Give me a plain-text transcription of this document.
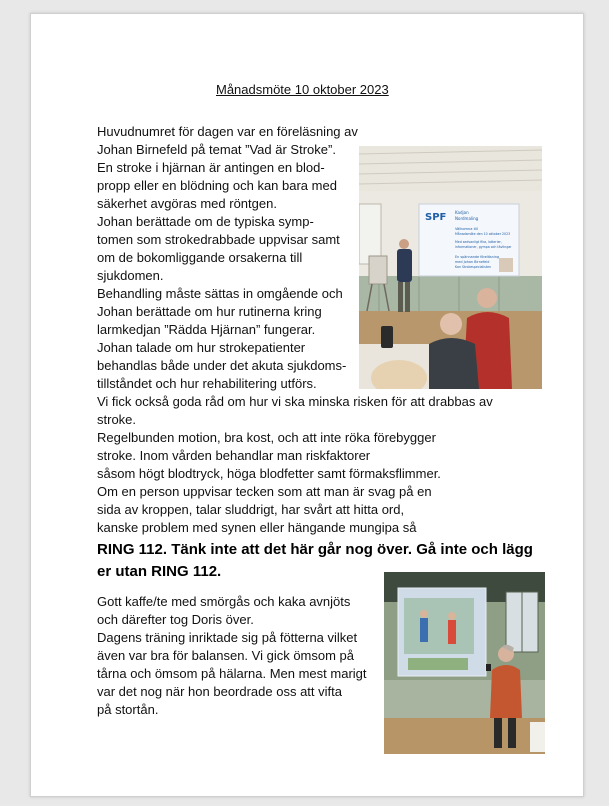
Månadsmöte 10 oktober 2023
Huvudnumret för dagen var en föreläsning av
Johan Birnefeld på temat ”Vad är Stroke”.
En stroke i hjärnan är antingen en blod-
propp eller en blödning och kan bara med
säkerhet avgöras med röntgen.
Johan berättade om de typiska symp-
tomen som strokedrabbade uppvisar samt
om de bokomliggande orsakerna till
sjukdomen.
Behandling måste sättas in omgående och
Johan berättade om hur rutinerna kring
larmkedjan ”Rädda Hjärnan” fungerar.
Johan talade om hur strokepatienter
behandlas både under det akuta sjukdoms-
tillståndet och hur rehabilitering utförs.
Vi fick också goda råd om hur vi ska minska risken för att drabbas av
stroke.
Regelbunden motion, bra kost, och att inte röka förebygger
stroke. Inom vården behandlar man riskfaktorer
såsom högt blodtryck, höga blodfetter samt förmaksflimmer.
Om en person uppvisar tecken som att man är svag på en
sida av kroppen, talar sluddrigt, har svårt att hitta ord,
kanske problem med synen eller hängande mungipa så
RING 112. Tänk inte att det här går nog över. Gå inte och lägg
er utan RING 112.
Gott kaffe/te med smörgås och kaka avnjöts
och därefter tog Doris över.
Dagens träning inriktade sig på fötterna vilket
även var bra för balansen. Vi gick ömsom på
tårna och ömsom på hälarna. Men mest marigt
var det nog när hon beordrade oss att vifta
på stortån.
SPF Kadjan
Nordmaling
Välkomna till
Månadsmöte den 10 oktober 2023
Med sedvanligt fika, lotterier,
informationer, gympa och tävlingar
En spännande föreläsning
med Johan Birnefeld
Kan Strokespecialisten
